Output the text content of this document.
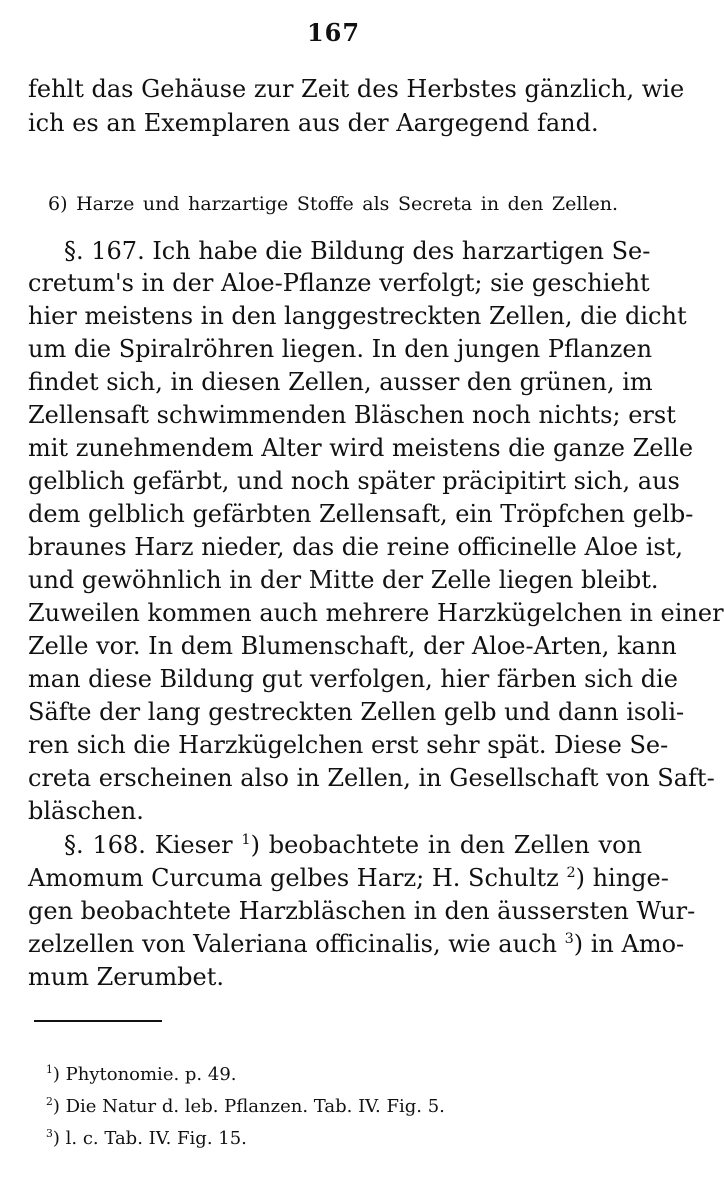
167
fehlt das Gehäuse zur Zeit des Herbstes gänzlich, wie
ich es an Exemplaren aus der Aargegend fand.
6) Harze und harzartige Stoffe als Secreta in den Zellen.
§. 167. Ich habe die Bildung des harzartigen Se-
cretum's in der Aloe-Pflanze verfolgt; sie geschieht
hier meistens in den langgestreckten Zellen, die dicht
um die Spiralröhren liegen. In den jungen Pflanzen
findet sich, in diesen Zellen, ausser den grünen, im
Zellensaft schwimmenden Bläschen noch nichts; erst
mit zunehmendem Alter wird meistens die ganze Zelle
gelblich gefärbt, und noch später präcipitirt sich, aus
dem gelblich gefärbten Zellensaft, ein Tröpfchen gelb-
braunes Harz nieder, das die reine officinelle Aloe ist,
und gewöhnlich in der Mitte der Zelle liegen bleibt.
Zuweilen kommen auch mehrere Harzkügelchen in einer
Zelle vor. In dem Blumenschaft, der Aloe-Arten, kann
man diese Bildung gut verfolgen, hier färben sich die
Säfte der lang gestreckten Zellen gelb und dann isoli-
ren sich die Harzkügelchen erst sehr spät. Diese Se-
creta erscheinen also in Zellen, in Gesellschaft von Saft-
bläschen.
§. 168. Kieser $^1$) beobachtete in den Zellen von
Amomum Curcuma gelbes Harz; H. Schultz $^2$) hinge-
gen beobachtete Harzbläschen in den äussersten Wur-
zelzellen von Valeriana officinalis, wie auch $^3$) in Amo-
mum Zerumbet.
$^1$) Phytonomie. p. 49.
$^2$) Die Natur d. leb. Pflanzen. Tab. IV. Fig. 5.
$^3$) l. c. Tab. IV. Fig. 15.
